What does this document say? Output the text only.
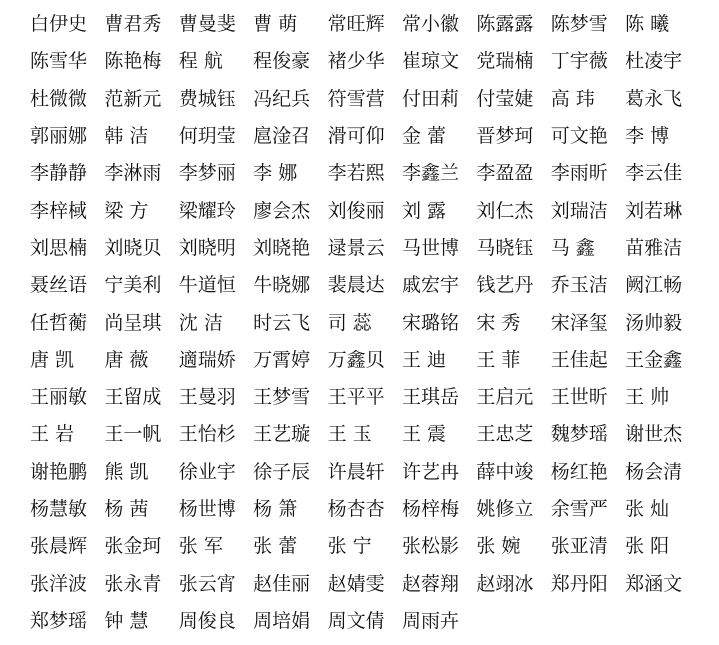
白伊史 曹君秀 曹曼斐 曹 萌	常旺辉 常小徽 陈露露 陈梦雪 陈 曦
陈雪华 陈艳梅 程 航	程俊豪 褚少华 崔琼文 党瑞楠 丁宇薇 杜凌宇
杜微微 范新元 费城钰 冯纪兵 符雪营 付田莉 付莹婕 高 玮	葛永飞
郭丽娜 韩 洁	何玥莹 扈淦召 滑可仰 金 蕾	晋梦珂 可文艳 李 博
李静静 李淋雨 李梦丽 李 娜	李若熙 李鑫兰 李盈盈 李雨昕 李云佳
李梓棫 梁 方	梁耀玲 廖会杰 刘俊丽 刘 露	刘仁杰 刘瑞洁 刘若琳
刘思楠 刘晓贝 刘晓明 刘晓艳 逯景云 马世博 马晓钰 马 鑫	苗雅洁
聂丝语 宁美利 牛道恒 牛晓娜 裴晨达 戚宏宇 钱艺丹 乔玉洁 阙江畅
任哲蘅 尚呈琪 沈 洁	时云飞 司 蕊	宋璐铭 宋 秀	宋泽玺 汤帅毅
唐 凯	唐 薇	適瑞娇 万霄婷 万鑫贝 王 迪	王 菲	王佳起 王金鑫
王丽敏 王留成 王曼羽 王梦雪 王平平 王琪岳 王启元 王世昕 王 帅
王 岩	王一帆 王怡杉 王艺璇 王 玉	王 震	王忠芝 魏梦瑶 谢世杰
谢艳鹏 熊 凯	徐业宇 徐子辰 许晨轩 许艺冉 薛中竣 杨红艳 杨会清
杨慧敏 杨 茜	杨世博 杨 箫	杨杏杏 杨梓梅 姚修立 余雪严 张 灿
张晨辉 张金珂 张 军	张 蕾	张 宁	张松影 张 婉	张亚清 张 阳
张洋波 张永青 张云宵 赵佳丽 赵婧雯 赵蓉翔 赵翊冰 郑丹阳 郑涵文
郑梦瑶 钟 慧	周俊良 周培娟 周文倩 周雨卉
